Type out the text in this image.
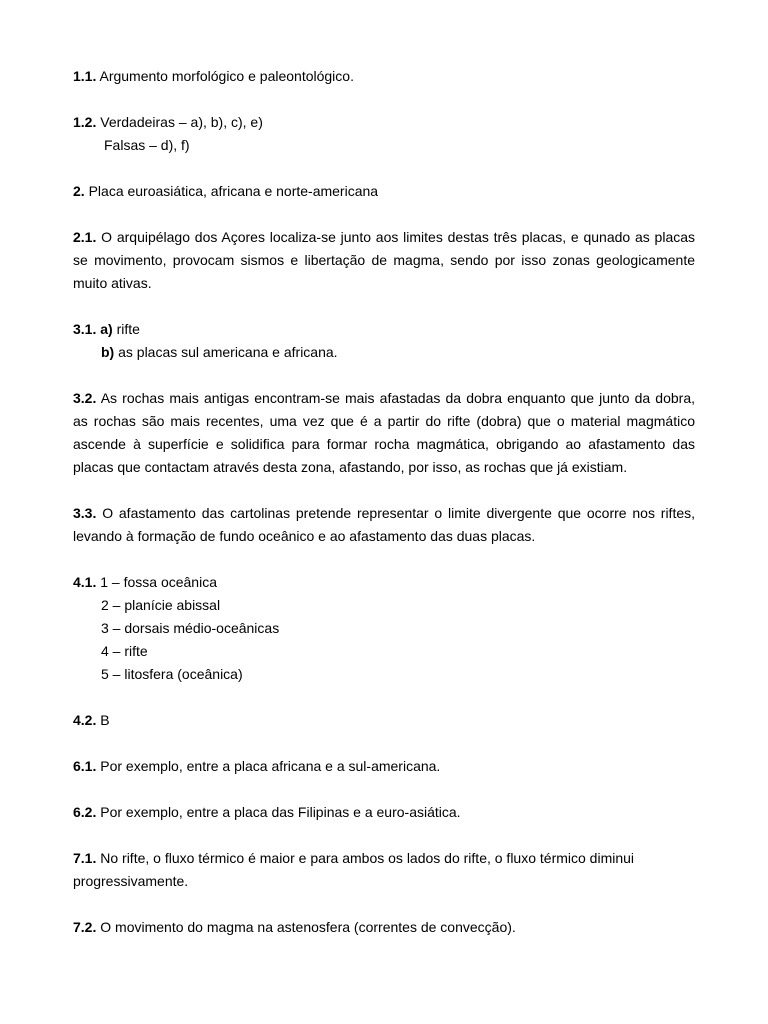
1.1. Argumento morfológico e paleontológico.

1.2. Verdadeiras – a), b), c), e)

Falsas – d), f)

2. Placa euroasiática, africana e norte-americana

2.1. O arquipélago dos Açores localiza-se junto aos limites destas três placas, e qunado as placas se movimento, provocam sismos e libertação de magma, sendo por isso zonas geologicamente muito ativas.

3.1. a) rifte

b) as placas sul americana e africana.

3.2. As rochas mais antigas encontram-se mais afastadas da dobra enquanto que junto da dobra, as rochas são mais recentes, uma vez que é a partir do rifte (dobra) que o material magmático ascende à superfície e solidifica para formar rocha magmática, obrigando ao afastamento das placas que contactam através desta zona, afastando, por isso, as rochas que já existiam.

3.3. O afastamento das cartolinas pretende representar o limite divergente que ocorre nos riftes, levando à formação de fundo oceânico e ao afastamento das duas placas.

4.1. 1 – fossa oceânica

2 – planície abissal

3 – dorsais médio-oceânicas

4 – rifte

5 – litosfera (oceânica)

4.2. B

6.1. Por exemplo, entre a placa africana e a sul-americana.

6.2. Por exemplo, entre a placa das Filipinas e a euro-asiática.

7.1. No rifte, o fluxo térmico é maior e para ambos os lados do rifte, o fluxo térmico diminui progressivamente.

7.2. O movimento do magma na astenosfera (correntes de convecção).
